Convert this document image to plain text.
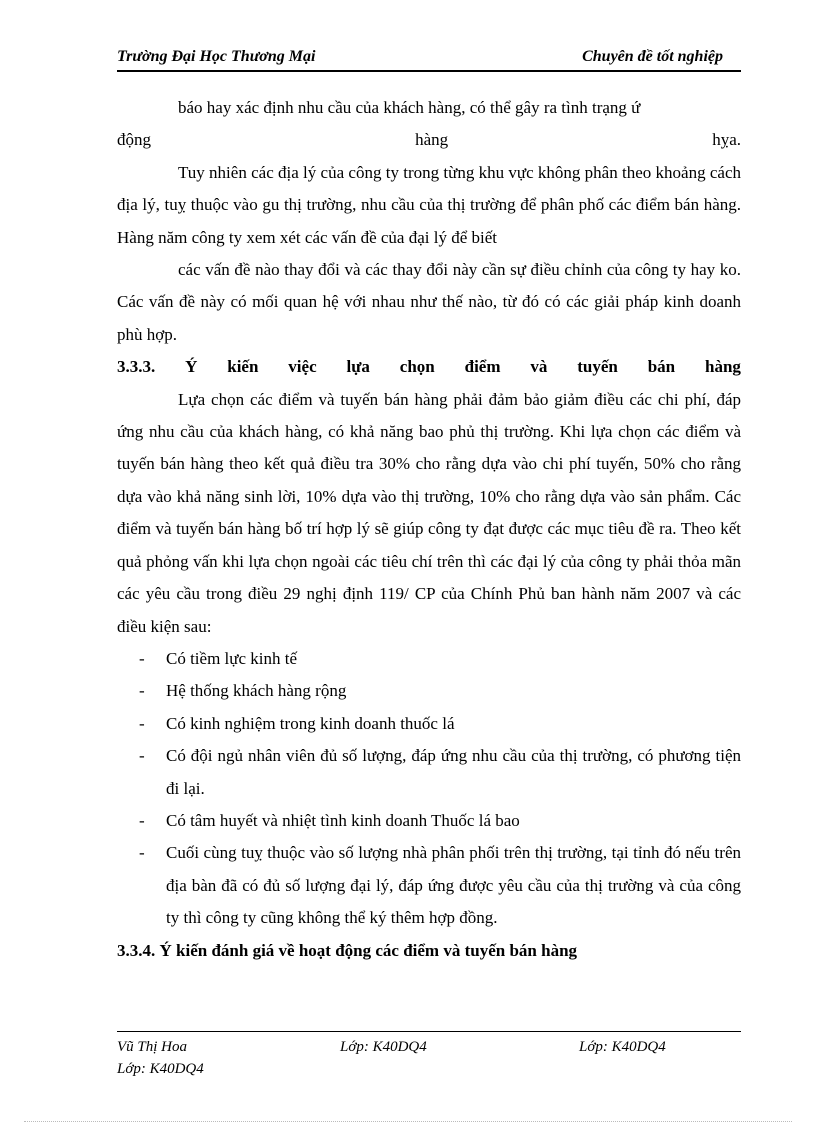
Trường Đại Học Thương Mại	Chuyên đề tốt nghiệp

báo hay xác định nhu cầu của khách hàng, có thể gây ra tình trạng ứ

động	hàng	hỵa.

Tuy nhiên các địa lý của công ty trong từng khu vực không phân theo khoảng cách địa lý, tuỵ thuộc vào gu thị trường, nhu cầu của thị trường để phân phố các điểm bán hàng. Hàng năm công ty xem xét các vấn đề của đại lý để biết

các vấn đề nào thay đổi và các thay đổi này cần sự điều chỉnh của công ty hay ko. Các vấn đề này có mối quan hệ với nhau như thế nào, từ đó có các giải pháp kinh doanh phù hợp.

3.3.3. Ý kiến việc lựa chọn điểm và tuyến bán hàng

Lựa chọn các điểm và tuyến bán hàng phải đảm bảo giảm điều các chi phí, đáp ứng nhu cầu của khách hàng, có khả năng bao phủ thị trường. Khi lựa chọn các điểm và tuyến bán hàng theo kết quả điều tra 30% cho rằng dựa vào chi phí tuyến, 50% cho rằng dựa vào khả năng sinh lời, 10% dựa vào thị trường, 10% cho rằng dựa vào sản phẩm. Các điểm và tuyến bán hàng bố trí hợp lý sẽ giúp công ty đạt được các mục tiêu đề ra. Theo kết quả phỏng vấn khi lựa chọn ngoài các tiêu chí trên thì các đại lý của công ty phải thỏa mãn các yêu cầu trong điều 29 nghị định 119/ CP của Chính Phủ ban hành năm 2007 và các điều kiện sau:

- Có tiềm lực kinh tế
- Hệ thống khách hàng rộng
- Có kinh nghiệm trong kinh doanh thuốc lá
- Có đội ngủ nhân viên đủ số lượng, đáp ứng nhu cầu của thị trường, có phương tiện đi lại.
- Có tâm huyết và nhiệt tình kinh doanh Thuốc lá bao
- Cuối cùng tuỵ thuộc vào số lượng nhà phân phối trên thị trường, tại tỉnh đó nếu trên địa bàn đã có đủ số lượng đại lý, đáp ứng được yêu cầu của thị trường và của công ty thì công ty cũng không thể ký thêm hợp đồng.

3.3.4. Ý kiến đánh giá về hoạt động các điểm và tuyến bán hàng

Vũ Thị Hoa	Lớp: K40DQ4	Lớp: K40DQ4
Lớp: K40DQ4
